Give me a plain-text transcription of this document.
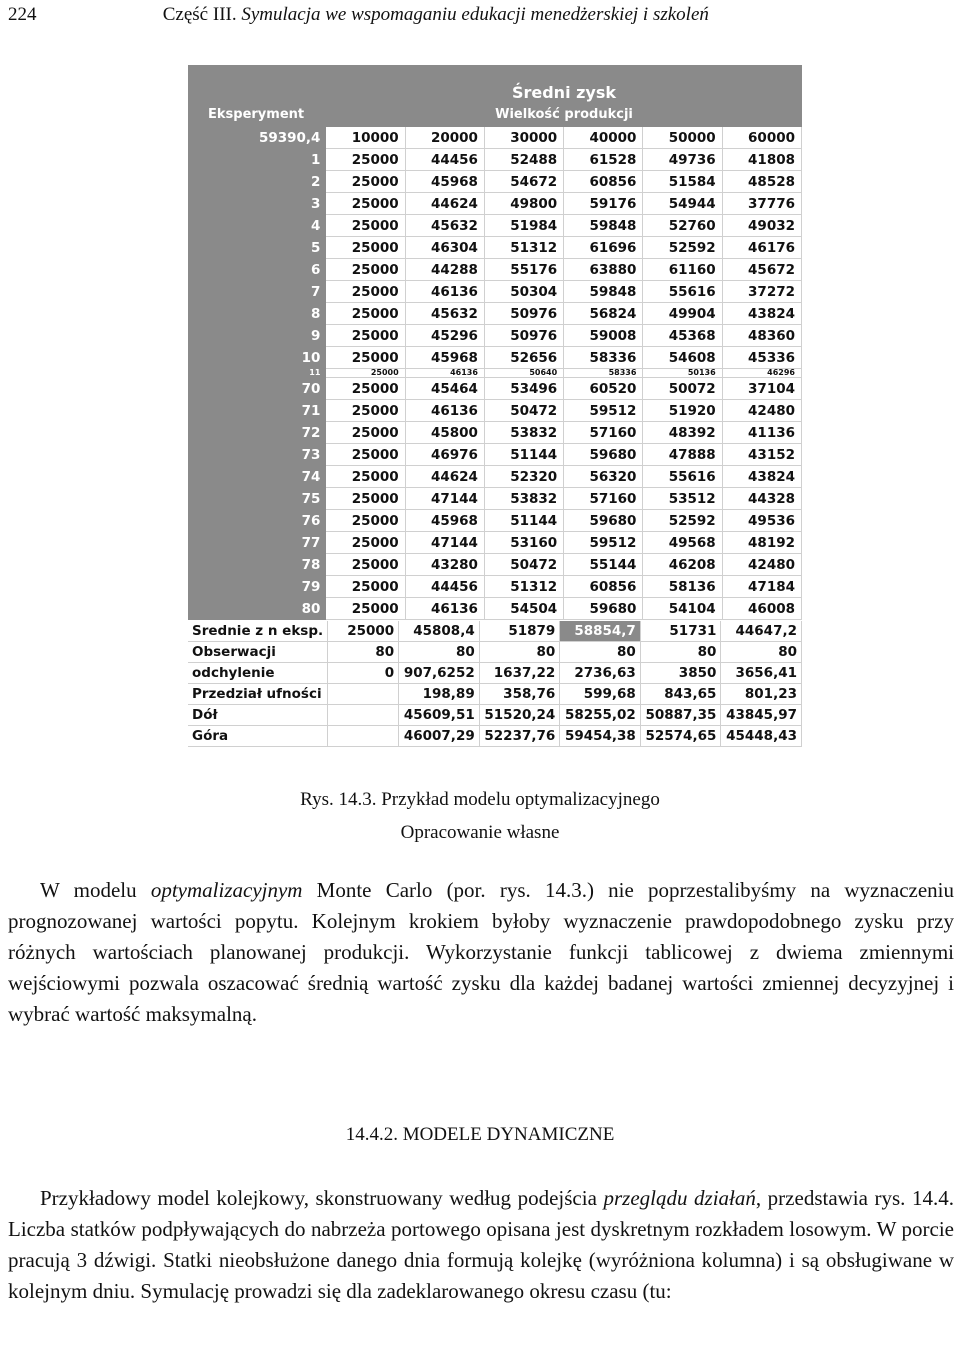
224	Część III. Symulacja we wspomaganiu edukacji menedżerskiej i szkoleń
Średni zysk
Wielkość produkcji
Eksperyment
59390,4	10000	20000	30000	40000	50000	60000
1	25000	44456	52488	61528	49736	41808
2	25000	45968	54672	60856	51584	48528
3	25000	44624	49800	59176	54944	37776
4	25000	45632	51984	59848	52760	49032
5	25000	46304	51312	61696	52592	46176
6	25000	44288	55176	63880	61160	45672
7	25000	46136	50304	59848	55616	37272
8	25000	45632	50976	56824	49904	43824
9	25000	45296	50976	59008	45368	48360
10	25000	45968	52656	58336	54608	45336
11	25000	46136	50640	58336	50136	46296
70	25000	45464	53496	60520	50072	37104
71	25000	46136	50472	59512	51920	42480
72	25000	45800	53832	57160	48392	41136
73	25000	46976	51144	59680	47888	43152
74	25000	44624	52320	56320	55616	43824
75	25000	47144	53832	57160	53512	44328
76	25000	45968	51144	59680	52592	49536
77	25000	47144	53160	59512	49568	48192
78	25000	43280	50472	55144	46208	42480
79	25000	44456	51312	60856	58136	47184
80	25000	46136	54504	59680	54104	46008
Srednie z n eksp.	25000	45808,4	51879	58854,7	51731	44647,2
Obserwacji	80	80	80	80	80	80
odchylenie	0	907,6252	1637,22	2736,63	3850	3656,41
Przedział ufności		198,89	358,76	599,68	843,65	801,23
Dół		45609,51	51520,24	58255,02	50887,35	43845,97
Góra		46007,29	52237,76	59454,38	52574,65	45448,43
Rys. 14.3. Przykład modelu optymalizacyjnego
Opracowanie własne
W modelu optymalizacyjnym Monte Carlo (por. rys. 14.3.) nie poprzestalibyśmy na wyznaczeniu prognozowanej wartości popytu. Kolejnym krokiem byłoby wyznaczenie prawdopodobnego zysku przy różnych wartościach planowanej produkcji. Wykorzystanie funkcji tablicowej z dwiema zmiennymi wejściowymi pozwala oszacować średnią wartość zysku dla każdej badanej wartości zmiennej decyzyjnej i wybrać wartość maksymalną.
14.4.2. MODELE DYNAMICZNE
Przykładowy model kolejkowy, skonstruowany według podejścia przeglądu działań, przedstawia rys. 14.4. Liczba statków podpływających do nabrzeża portowego opisana jest dyskretnym rozkładem losowym. W porcie pracują 3 dźwigi. Statki nieobsłużone danego dnia formują kolejkę (wyróżniona kolumna) i są obsługiwane w kolejnym dniu. Symulację prowadzi się dla zadeklarowanego okresu czasu (tu:
